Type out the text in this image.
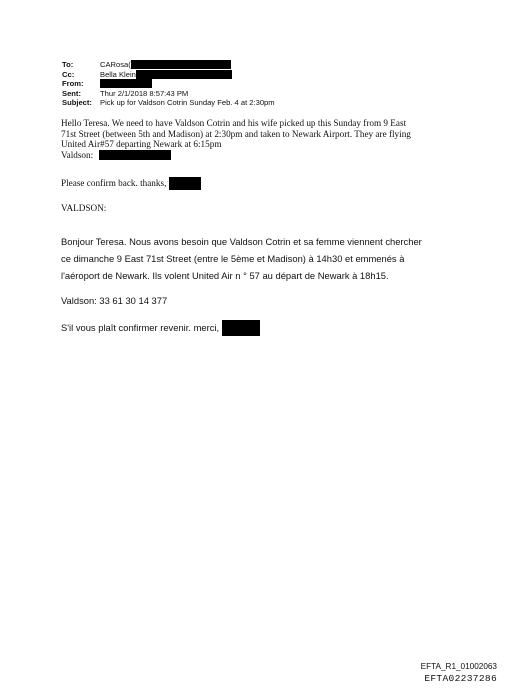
To:	CARosa(
Cc:	Bella Klein
From:
Sent:	Thur 2/1/2018 8:57:43 PM
Subject:	Pick up for Valdson Cotrin Sunday Feb. 4 at 2:30pm
Hello Teresa. We need to have Valdson Cotrin and his wife picked up this Sunday from 9 East
71st Street (between 5th and Madison) at 2:30pm and taken to Newark Airport. They are flying
United Air#57 departing Newark at 6:15pm
Valdson:
Please confirm back. thanks,
VALDSON:
Bonjour Teresa. Nous avons besoin que Valdson Cotrin et sa femme viennent chercher
ce dimanche 9 East 71st Street (entre le 5ème et Madison) à 14h30 et emmenés à
l'aéroport de Newark. Ils volent United Air n ° 57 au départ de Newark à 18h15.
Valdson: 33 61 30 14 377
S'il vous plaît confirmer revenir. merci,
EFTA_R1_01002063
EFTA02237286
